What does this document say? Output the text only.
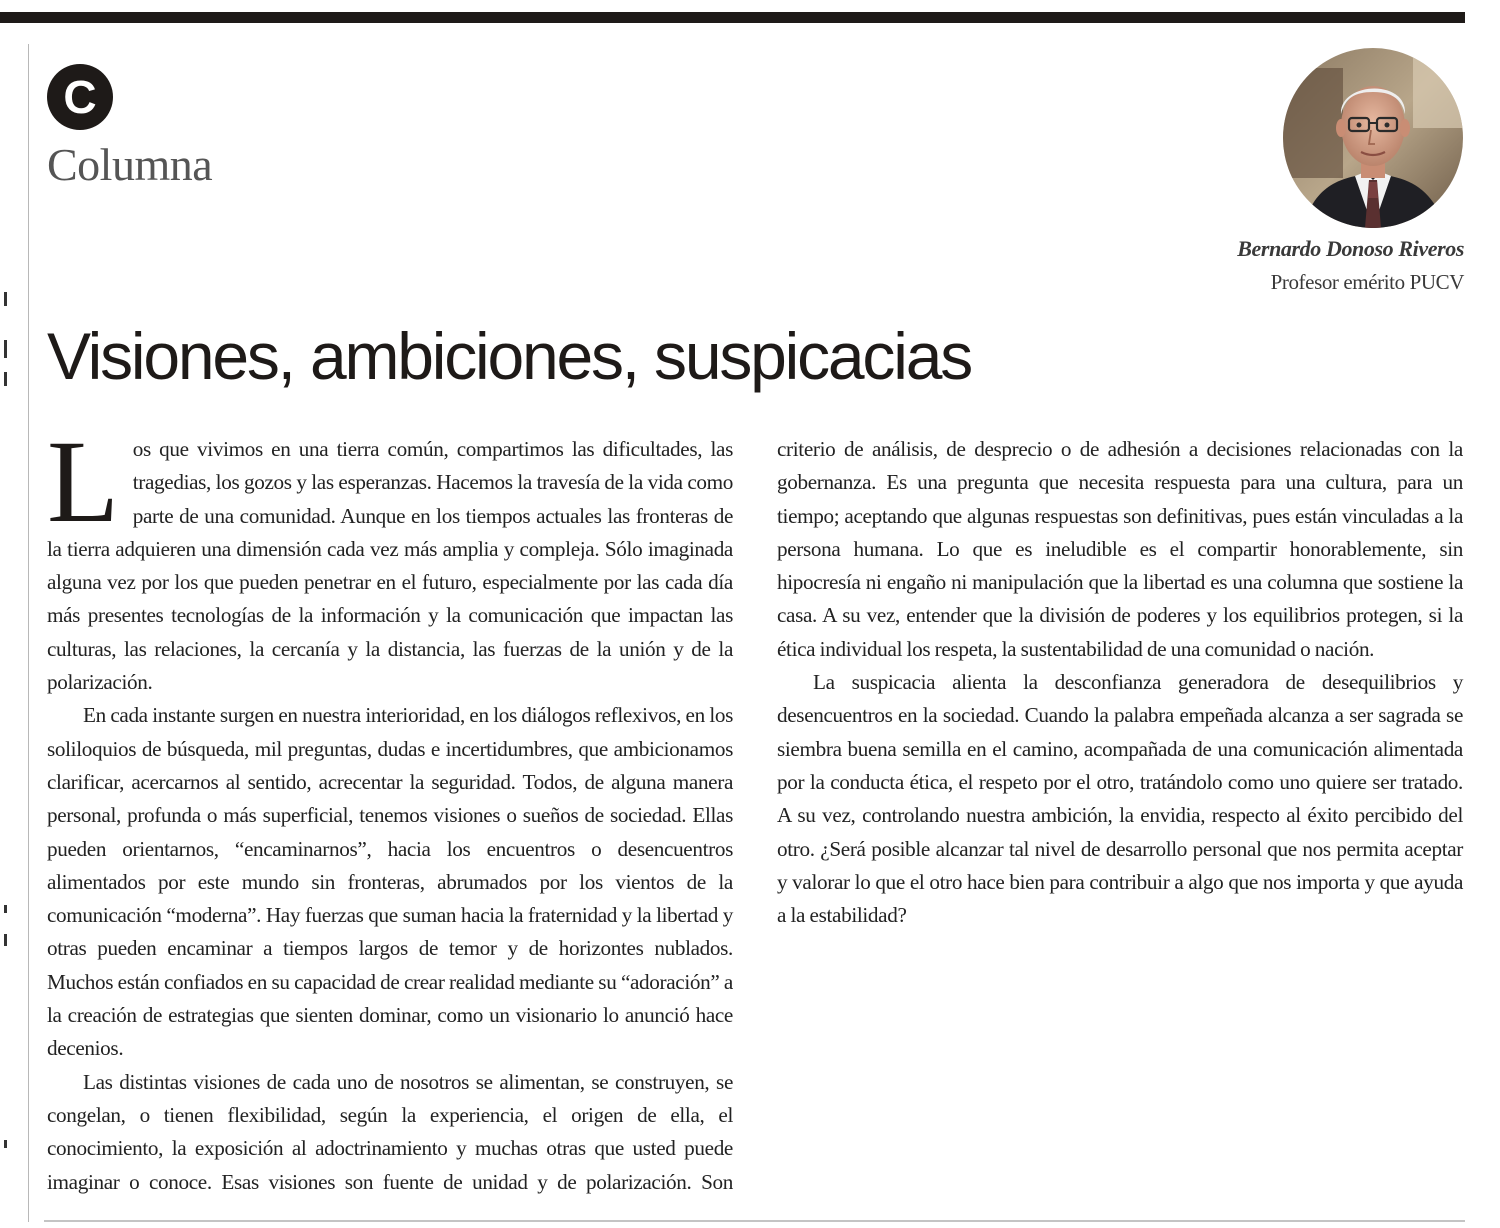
C
Columna
Bernardo Donoso Riveros
Profesor emérito PUCV
Visiones, ambiciones, suspicacias

Los que vivimos en una tierra común, compartimos las dificultades, las tragedias, los gozos y las esperanzas. Hacemos la travesía de la vida como parte de una comunidad. Aunque en los tiempos actuales las fronteras de la tierra adquieren una dimensión cada vez más amplia y compleja. Sólo imaginada alguna vez por los que pueden penetrar en el futuro, especialmente por las cada día más presentes tecnologías de la información y la comunicación que impactan las culturas, las relaciones, la cercanía y la distancia, las fuerzas de la unión y de la polarización.

En cada instante surgen en nuestra interioridad, en los diálogos reflexivos, en los soliloquios de búsqueda, mil preguntas, dudas e incertidumbres, que ambicionamos clarificar, acercarnos al sentido, acrecentar la seguridad. Todos, de alguna manera personal, profunda o más superficial, tenemos visiones o sueños de sociedad. Ellas pueden orientarnos, “encaminarnos”, hacia los encuentros o desencuentros alimentados por este mundo sin fronteras, abrumados por los vientos de la comunicación “moderna”. Hay fuerzas que suman hacia la fraternidad y la libertad y otras pueden encaminar a tiempos largos de temor y de horizontes nublados. Muchos están confiados en su capacidad de crear realidad mediante su “adoración” a la creación de estrategias que sienten dominar, como un visionario lo anunció hace decenios.

Las distintas visiones de cada uno de nosotros se alimentan, se construyen, se congelan, o tienen flexibilidad, según la experiencia, el origen de ella, el conocimiento, la exposición al adoctrinamiento y muchas otras que usted puede imaginar o conoce. Esas visiones son fuente de unidad y de polarización. Son criterio de análisis, de desprecio o de adhesión a decisiones relacionadas con la gobernanza. Es una pregunta que necesita respuesta para una cultura, para un tiempo; aceptando que algunas respuestas son definitivas, pues están vinculadas a la persona humana. Lo que es ineludible es el compartir honorablemente, sin hipocresía ni engaño ni manipulación que la libertad es una columna que sostiene la casa. A su vez, entender que la división de poderes y los equilibrios protegen, si la ética individual los respeta, la sustentabilidad de una comunidad o nación.

La suspicacia alienta la desconfianza generadora de desequilibrios y desencuentros en la sociedad. Cuando la palabra empeñada alcanza a ser sagrada se siembra buena semilla en el camino, acompañada de una comunicación alimentada por la conducta ética, el respeto por el otro, tratándolo como uno quiere ser tratado. A su vez, controlando nuestra ambición, la envidia, respecto al éxito percibido del otro. ¿Será posible alcanzar tal nivel de desarrollo personal que nos permita aceptar y valorar lo que el otro hace bien para contribuir a algo que nos importa y que ayuda a la estabilidad?
